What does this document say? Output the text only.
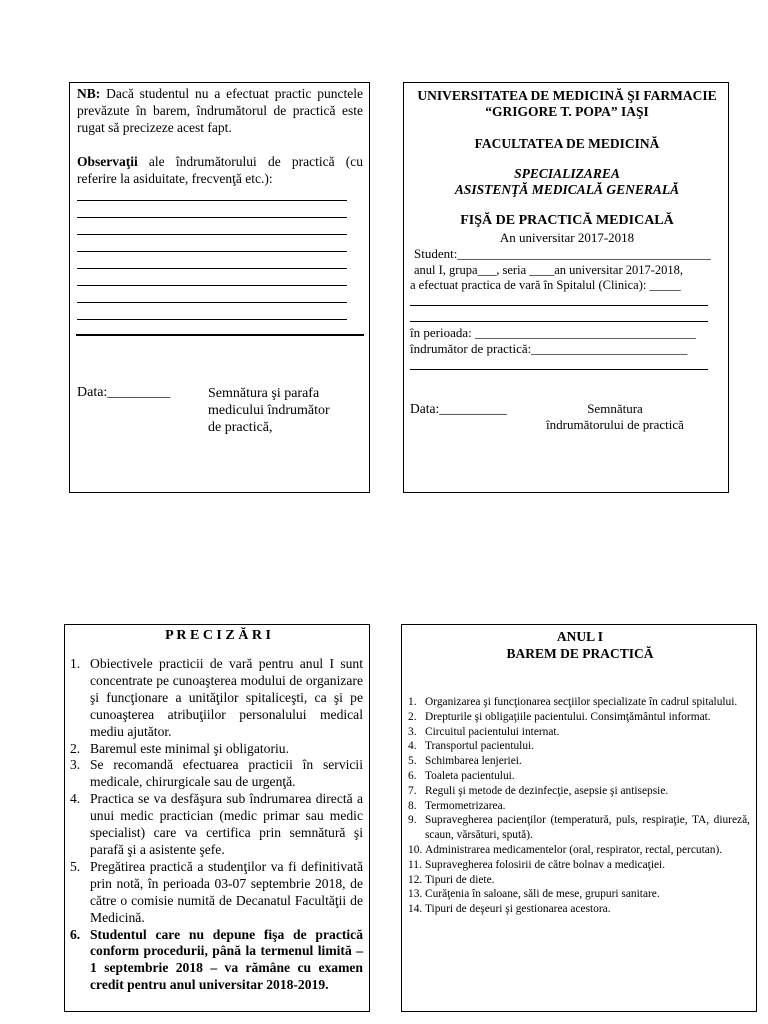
NB: Dacă studentul nu a efectuat practic punctele prevăzute în barem, îndrumătorul de practică este rugat să precizeze acest fapt.

Observaţii ale îndrumătorului de practică (cu referire la asiduitate, frecvenţă etc.):

Data:_________	Semnătura şi parafa
medicului îndrumător
de practică,
UNIVERSITATEA DE MEDICINĂ ŞI FARMACIE
“GRIGORE T. POPA” IAŞI
FACULTATEA DE MEDICINĂ
SPECIALIZAREA
ASISTENŢĂ MEDICALĂ GENERALĂ
FIŞĂ DE PRACTICĂ MEDICALĂ
An universitar 2017-2018
Student:_______________________________________
anul I, grupa___, seria ____an universitar 2017-2018,
a efectuat practica de vară în Spitalul (Clinica): _____
în perioada: __________________________________
îndrumător de practică:________________________
Data:__________	Semnătura
îndrumătorului de practică
P R E C I Z Ă R I
1. Obiectivele practicii de vară pentru anul I sunt concentrate pe cunoaşterea modului de organizare şi funcţionare a unităţilor spitaliceşti, ca şi pe cunoaşterea atribuţiilor personalului medical mediu ajutător.
2. Baremul este minimal şi obligatoriu.
3. Se recomandă efectuarea practicii în servicii medicale, chirurgicale sau de urgenţă.
4. Practica se va desfăşura sub îndrumarea directă a unui medic practician (medic primar sau medic specialist) care va certifica prin semnătură şi parafă şi a asistente şefe.
5. Pregătirea practică a studenţilor va fi definitivată prin notă, în perioada 03-07 septembrie 2018, de către o comisie numită de Decanatul Facultăţii de Medicină.
6. Studentul care nu depune fişa de practică conform procedurii, până la termenul limită – 1 septembrie 2018 – va rămâne cu examen credit pentru anul universitar 2018-2019.
ANUL I
BAREM DE PRACTICĂ
1. Organizarea şi funcţionarea secţiilor specializate în cadrul spitalului.
2. Drepturile şi obligaţiile pacientului. Consimţământul informat.
3. Circuitul pacientului internat.
4. Transportul pacientului.
5. Schimbarea lenjeriei.
6. Toaleta pacientului.
7. Reguli şi metode de dezinfecţie, asepsie şi antisepsie.
8. Termometrizarea.
9. Supravegherea pacienţilor (temperatură, puls, respiraţie, TA, diureză, scaun, vărsături, spută).
10. Administrarea medicamentelor (oral, respirator, rectal, percutan).
11. Supravegherea folosirii de către bolnav a medicaţiei.
12. Tipuri de diete.
13. Curăţenia în saloane, săli de mese, grupuri sanitare.
14. Tipuri de deşeuri şi gestionarea acestora.
